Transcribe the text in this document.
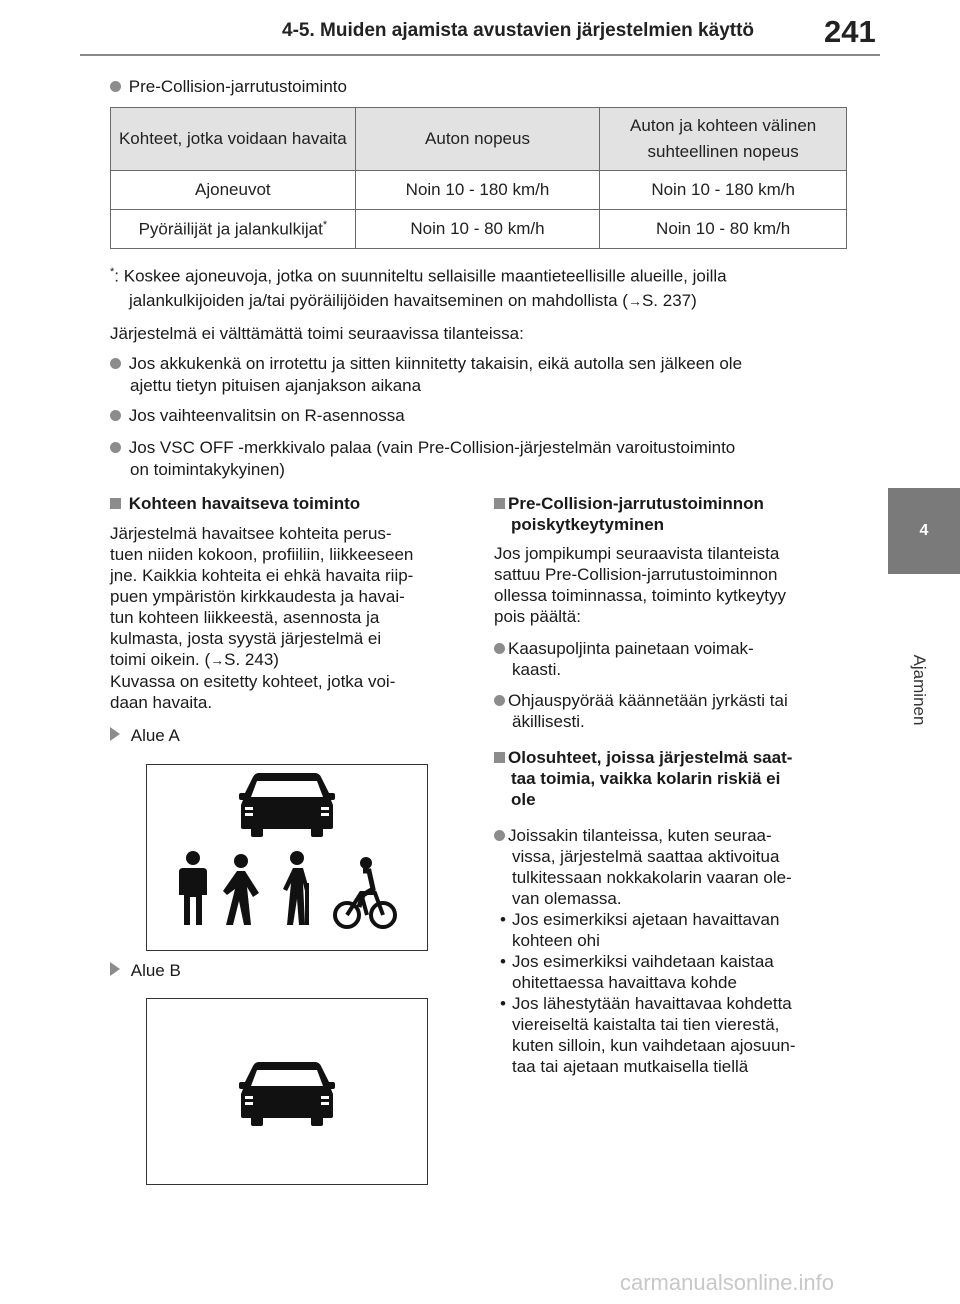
4-5. Muiden ajamista avustavien järjestelmien käyttö 241
4
Ajaminen
Pre-Collision-jarrutustoiminto
Kohteet, jotka voidaan havaita	Auton nopeus	Auton ja kohteen välinen suhteellinen nopeus
Ajoneuvot	Noin 10 - 180 km/h	Noin 10 - 180 km/h
Pyöräilijät ja jalankulkijat*	Noin 10 - 80 km/h	Noin 10 - 80 km/h
*: Koskee ajoneuvoja, jotka on suunniteltu sellaisille maantieteellisille alueille, joilla
jalankulkijoiden ja/tai pyöräilijöiden havaitseminen on mahdollista (→S. 237)
Järjestelmä ei välttämättä toimi seuraavissa tilanteissa:
Jos akkukenkä on irrotettu ja sitten kiinnitetty takaisin, eikä autolla sen jälkeen ole
ajettu tietyn pituisen ajanjakson aikana
Jos vaihteenvalitsin on R-asennossa
Jos VSC OFF -merkkivalo palaa (vain Pre-Collision-järjestelmän varoitustoiminto
on toimintakykyinen)
Kohteen havaitseva toiminto
Järjestelmä havaitsee kohteita perus-
tuen niiden kokoon, profiiliin, liikkeeseen
jne. Kaikkia kohteita ei ehkä havaita riip-
puen ympäristön kirkkaudesta ja havai-
tun kohteen liikkeestä, asennosta ja
kulmasta, josta syystä järjestelmä ei
toimi oikein. (→S. 243)
Kuvassa on esitetty kohteet, jotka voi-
daan havaita.
Alue A
Alue B
Pre-Collision-jarrutustoiminnon
poiskytkeytyminen
Jos jompikumpi seuraavista tilanteista
sattuu Pre-Collision-jarrutustoiminnon
ollessa toiminnassa, toiminto kytkeytyy
pois päältä:
Kaasupoljinta painetaan voimak-
kaasti.
Ohjauspyörää käännetään jyrkästi tai
äkillisesti.
Olosuhteet, joissa järjestelmä saat-
taa toimia, vaikka kolarin riskiä ei
ole
Joissakin tilanteissa, kuten seuraa-
vissa, järjestelmä saattaa aktivoitua
tulkitessaan nokkakolarin vaaran ole-
van olemassa.
• Jos esimerkiksi ajetaan havaittavan
kohteen ohi
• Jos esimerkiksi vaihdetaan kaistaa
ohitettaessa havaittava kohde
• Jos lähestytään havaittavaa kohdetta
viereiseltä kaistalta tai tien vierestä,
kuten silloin, kun vaihdetaan ajosuun-
taa tai ajetaan mutkaisella tiellä
carmanualsonline.info
